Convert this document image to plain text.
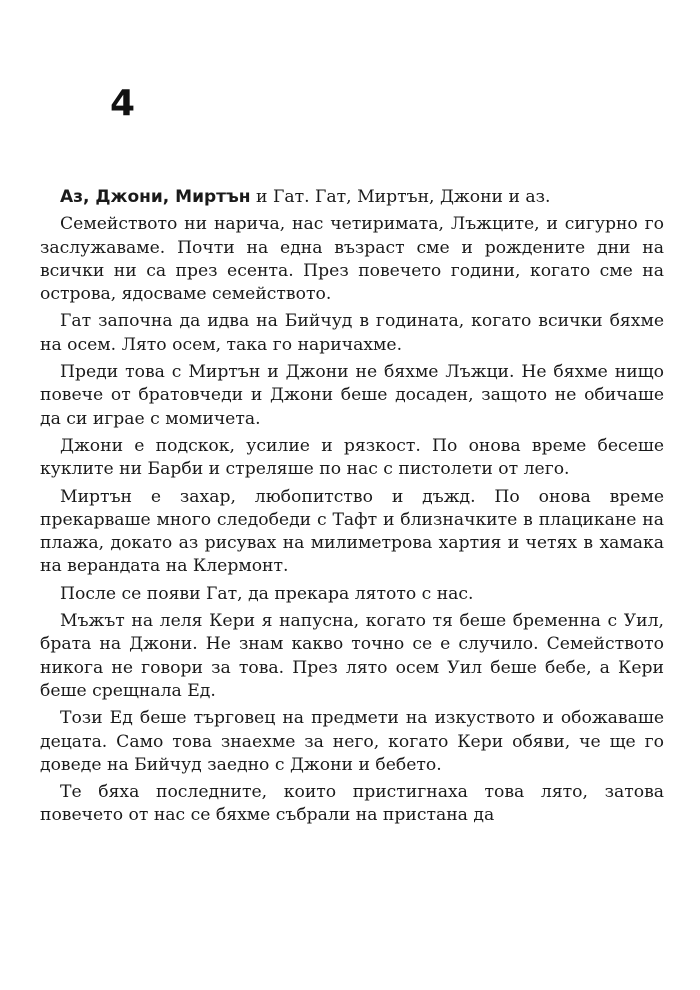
4

Аз, Джони, Миртън и Гат. Гат, Миртън, Джони и аз.

Семейството ни нарича, нас четиримата, Лъжците, и сигурно го заслужаваме. Почти на една възраст сме и рождените дни на всички ни са през есента. През повечето години, когато сме на острова, ядосваме семейството.

Гат започна да идва на Бийчуд в годината, когато всички бяхме на осем. Лято осем, така го наричахме.

Преди това с Миртън и Джони не бяхме Лъжци. Не бяхме нищо повече от братовчеди и Джони беше досаден, защото не обичаше да си играе с момичета.

Джони е подскок, усилие и рязкост. По онова време бесеше куклите ни Барби и стреляше по нас с пистолети от лего.

Миртън е захар, любопитство и дъжд. По онова време прекарваше много следобеди с Тафт и близначките в плацикане на плажа, докато аз рисувах на милиметрова хартия и четях в хамака на верандата на Клермонт.

После се появи Гат, да прекара лятото с нас.

Мъжът на леля Кери я напусна, когато тя беше бременна с Уил, брата на Джони. Не знам какво точно се е случило. Семейството никога не говори за това. През лято осем Уил беше бебе, а Кери беше срещнала Ед.

Този Ед беше търговец на предмети на изкуството и обожаваше децата. Само това знаехме за него, когато Кери обяви, че ще го доведе на Бийчуд заедно с Джони и бебето.

Те бяха последните, които пристигнаха това лято, затова повечето от нас се бяхме събрали на пристана да
